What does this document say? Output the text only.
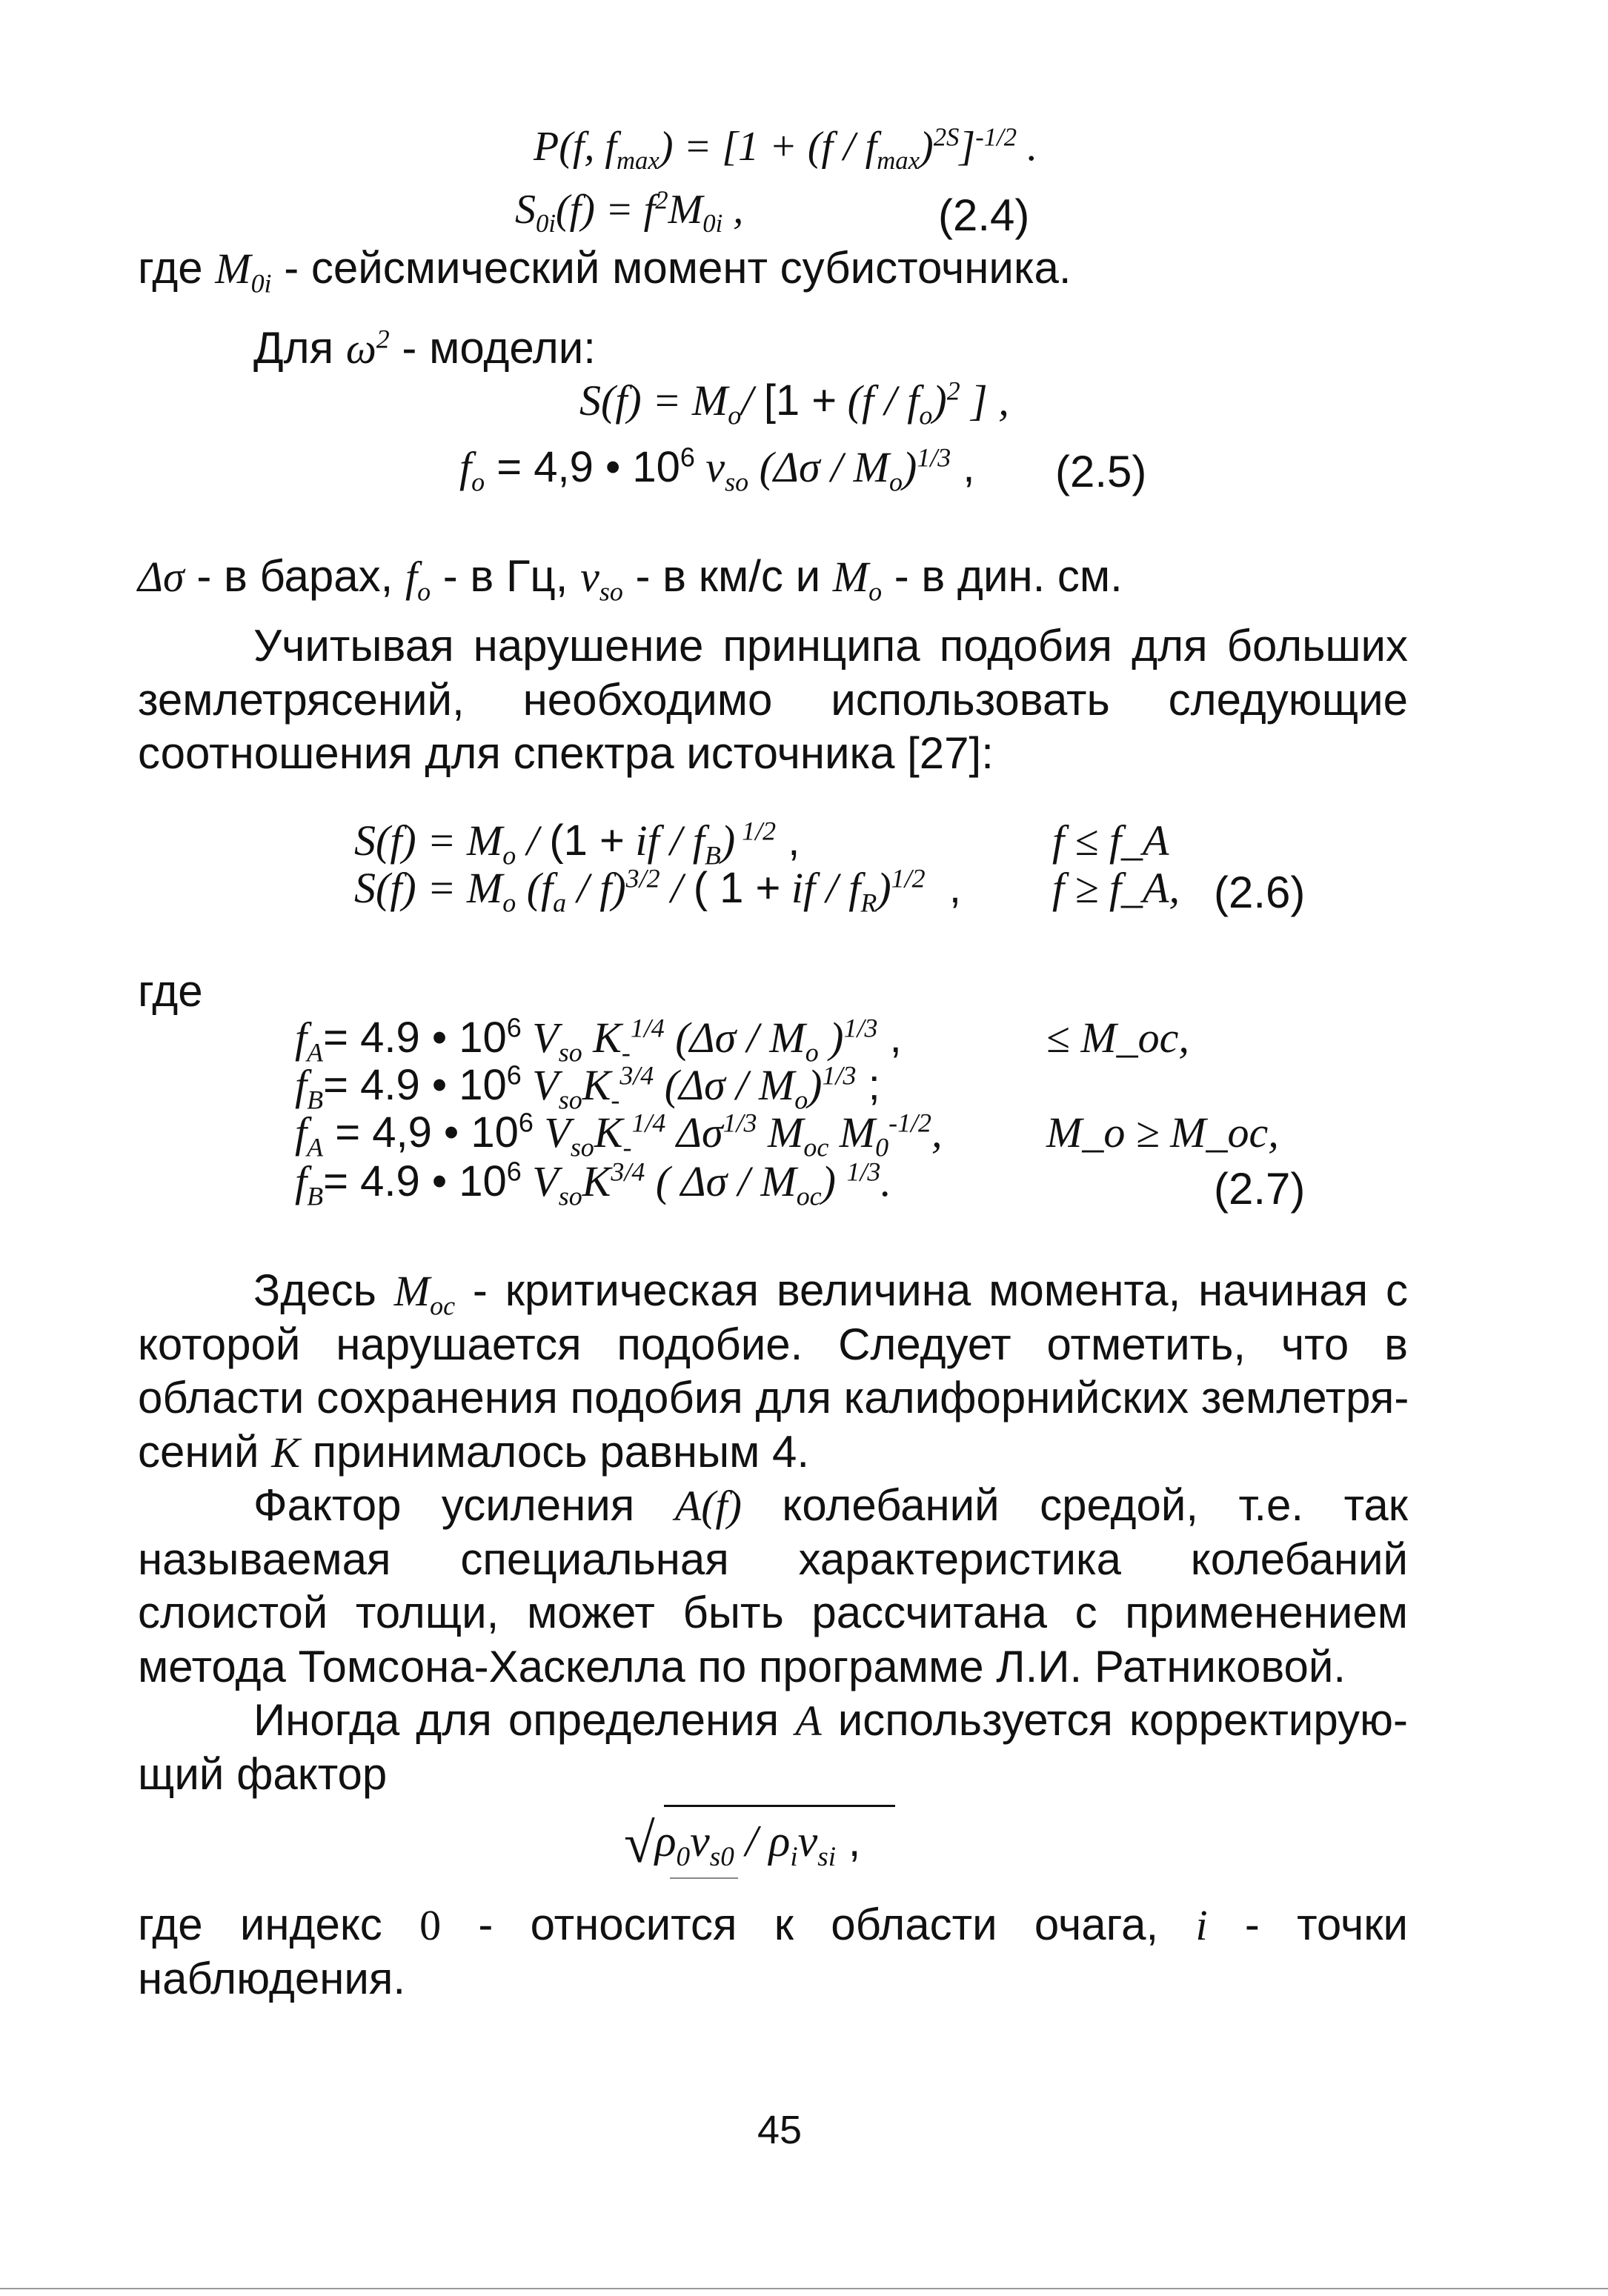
P(f, $f_{max}) = [1 + (f / f_{max})^{2S}]^{-1/2}$ .
$S_{0i}(f) = f^2M_{0i}$ ,	(2.4)
где $M_{0i}$ - сейсмический момент субисточника.
Для $\omega^2$ - модели:
$S(f) = M_o/$ [$1 + (f / f_o)^2$ ] ,
$f_o = 4,9$ • $10^6$ $v_{so}$ $(\Delta\sigma / M_o)^{1/3}$ , (2.5)
Δσ - в барах, $f_o$ - в Гц, $v_{so}$ - в км/с и $M_o$ - в дин. см.
Учитывая нарушение принципа подобия для больших
землетрясений, необходимо использовать следующие
соотношения для спектра источника [27]:
$S(f) = M_o / (1$ + if / $f_B$) $^{1/2}$ ,	f ≤ f_A
$S(f) = M_o$ $(f_a / f)^{3/2}$ / ( 1 + if / $f_R)^{1/2}$  , f ≥ f_A, (2.6)
где
$f_A= 4.9$ • $10^6$ $V_{so}$ $K_-^{1/4}$ ($\Delta\sigma / M_o$ )$^{1/3}$ ,	≤ M_oc,
$f_B= 4.9$ • $10^6$ $V_{so}K_-^{3/4}$ $(\Delta\sigma / M_o)^{1/3}$ ;
$f_A = 4,9$ • $10^6$ $V_{so}K_-^{1/4}$ $\Delta\sigma^{1/3}$ $M_{oc}$ $M_0^{-1/2}$, M_o ≥ M_oc,
$f_B= 4.9$ • $10^6$ $V_{so}K^{3/4}$ ( Δσ / $M_{oc}$) $^{1/3}$.	(2.7)
Здесь $M_{oc}$ - критическая величина момента, начиная с
которой нарушается подобие. Следует отметить, что в
области сохранения подобия для калифорнийских землетря-
сений K принималось равным 4.
Фактор усиления A(f) колебаний средой, т.е. так
называемая специальная характеристика колебаний
слоистой толщи, может быть рассчитана с применением
метода Томсона-Хаскелла по программе Л.И. Ратниковой.
Иногда для определения A используется корректирую-
щий фактор
$√\rho_0v_{s0} / \rho_iv_{si}$ ,
где индекс 0 - относится к области очага, i - точки
наблюдения.
45
